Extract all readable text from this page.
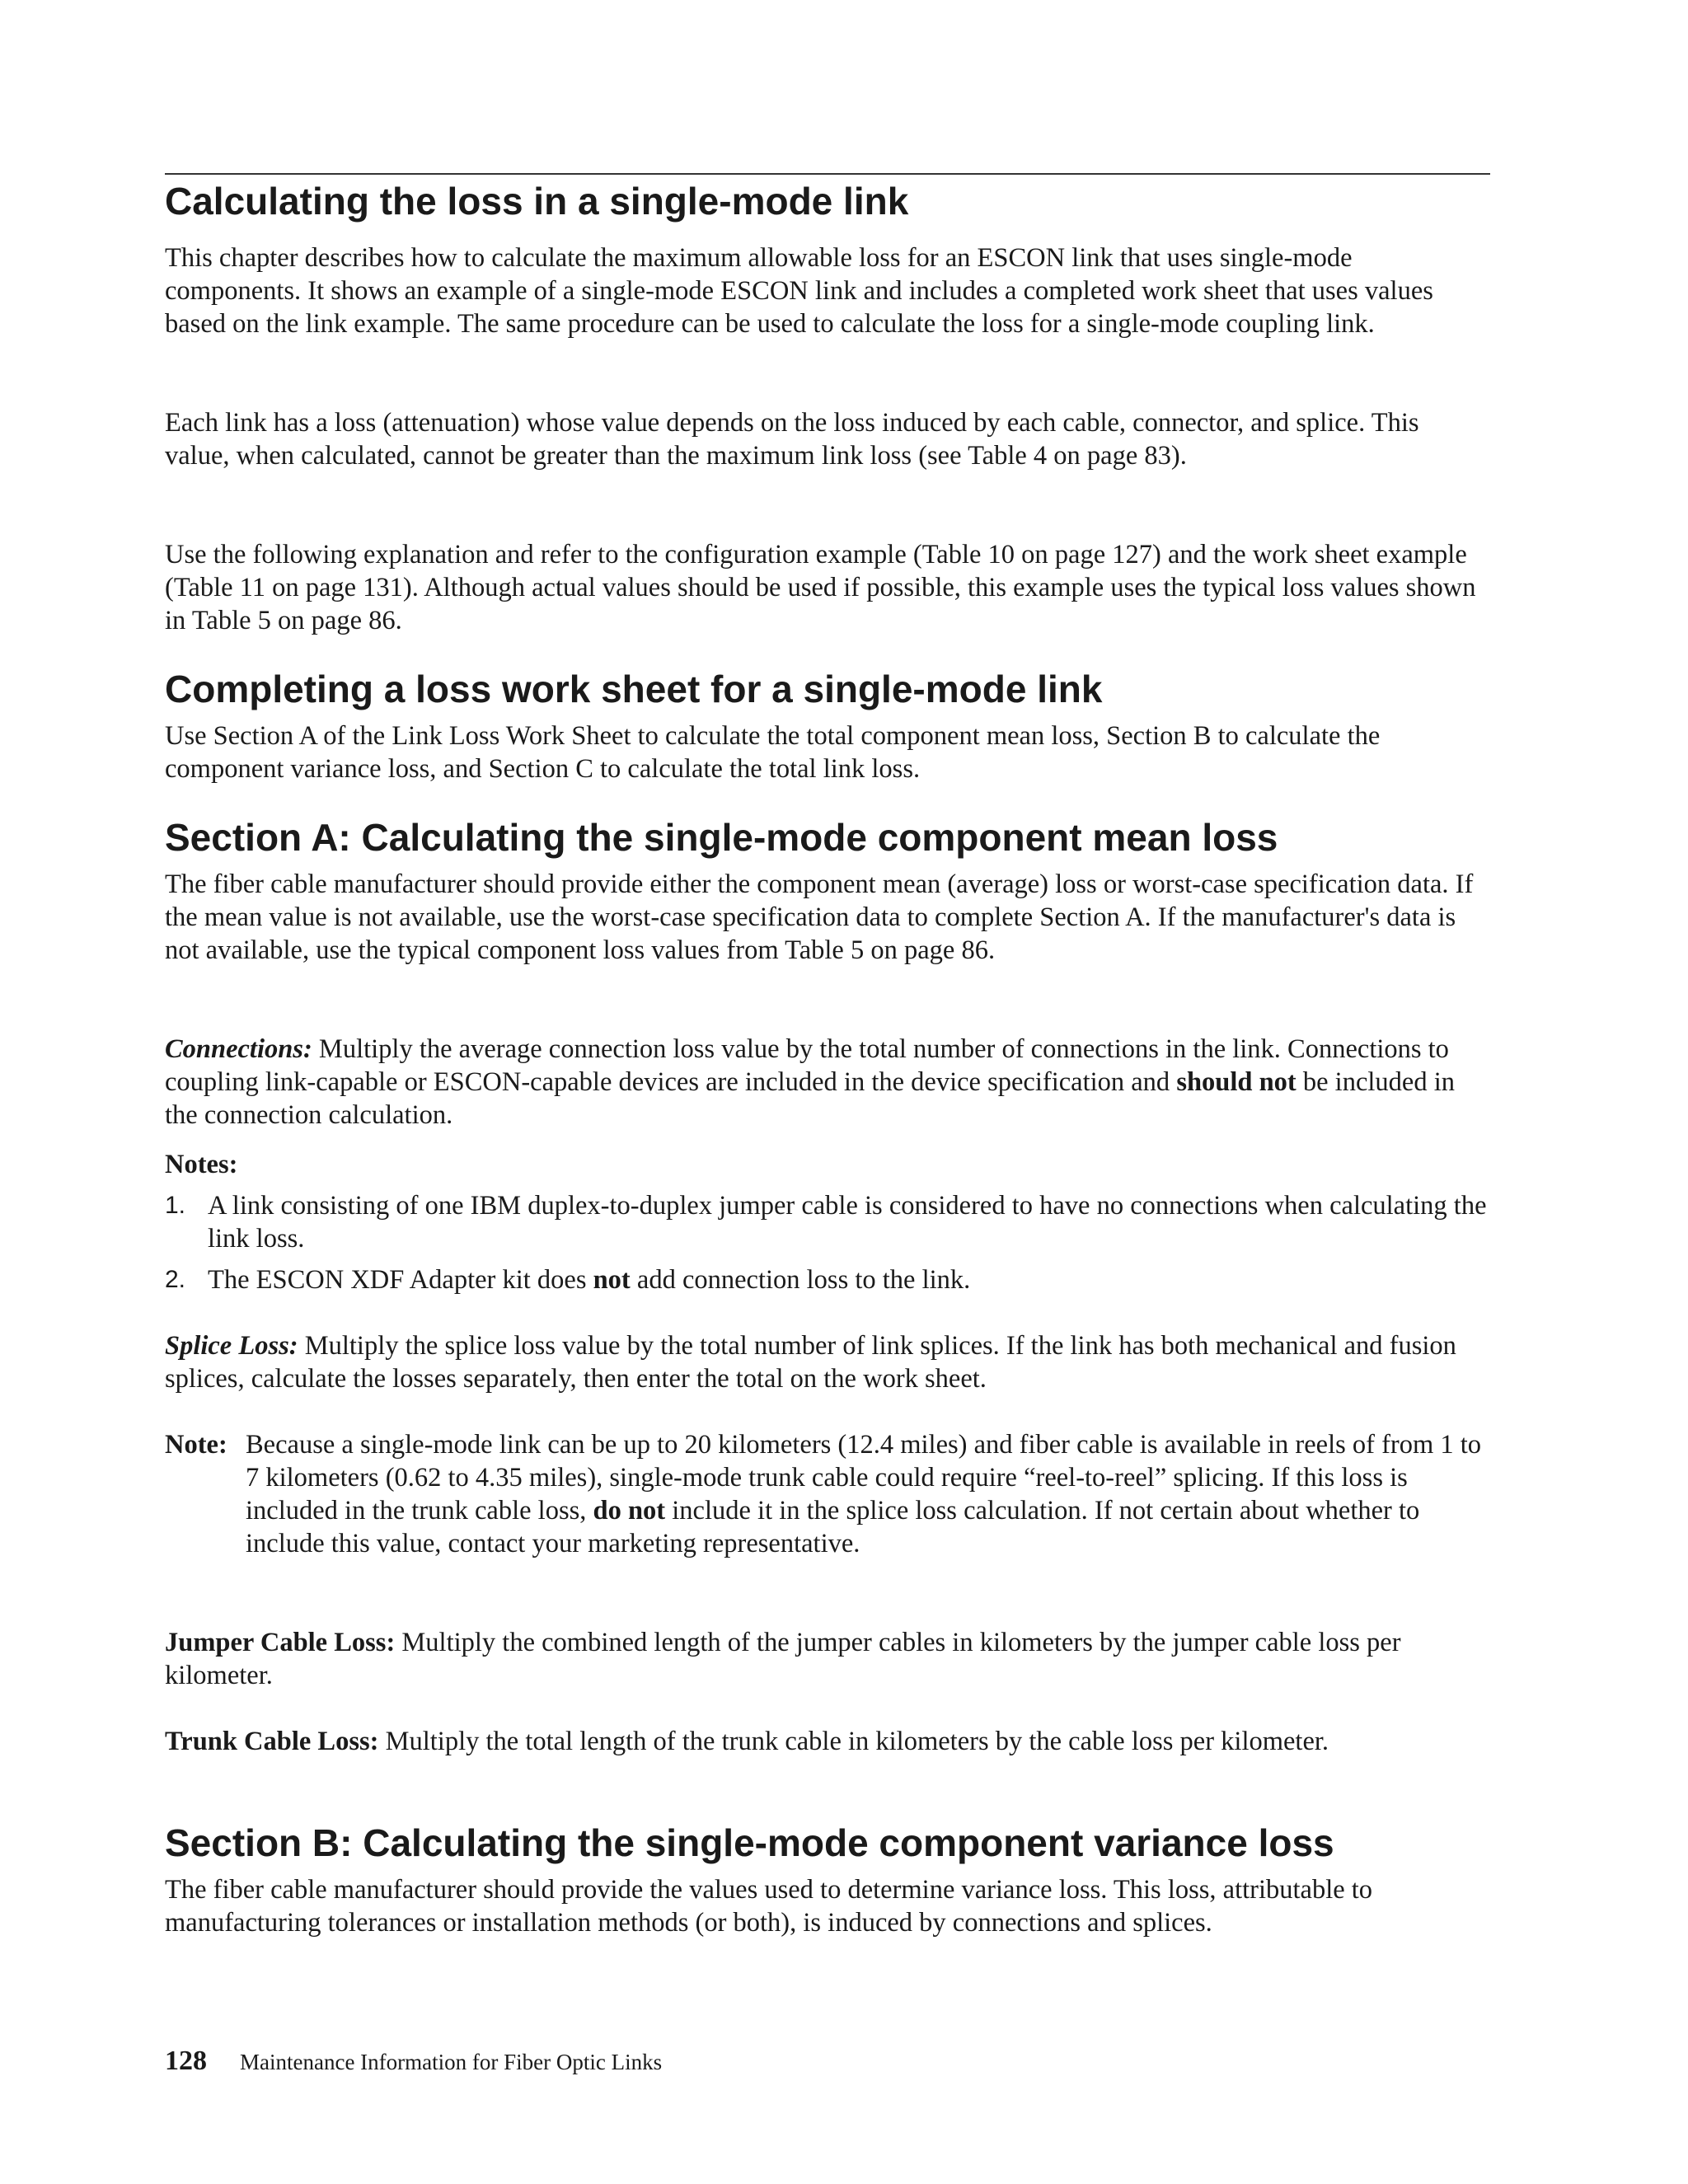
Calculating the loss in a single-mode link

This chapter describes how to calculate the maximum allowable loss for an ESCON link that uses single-mode components. It shows an example of a single-mode ESCON link and includes a completed work sheet that uses values based on the link example. The same procedure can be used to calculate the loss for a single-mode coupling link.

Each link has a loss (attenuation) whose value depends on the loss induced by each cable, connector, and splice. This value, when calculated, cannot be greater than the maximum link loss (see Table 4 on page 83).

Use the following explanation and refer to the configuration example (Table 10 on page 127) and the work sheet example (Table 11 on page 131). Although actual values should be used if possible, this example uses the typical loss values shown in Table 5 on page 86.

Completing a loss work sheet for a single-mode link

Use Section A of the Link Loss Work Sheet to calculate the total component mean loss, Section B to calculate the component variance loss, and Section C to calculate the total link loss.

Section A: Calculating the single-mode component mean loss

The fiber cable manufacturer should provide either the component mean (average) loss or worst-case specification data. If the mean value is not available, use the worst-case specification data to complete Section A. If the manufacturer's data is not available, use the typical component loss values from Table 5 on page 86.

Connections: Multiply the average connection loss value by the total number of connections in the link. Connections to coupling link-capable or ESCON-capable devices are included in the device specification and should not be included in the connection calculation.

Notes:
1. A link consisting of one IBM duplex-to-duplex jumper cable is considered to have no connections when calculating the link loss.
2. The ESCON XDF Adapter kit does not add connection loss to the link.

Splice Loss: Multiply the splice loss value by the total number of link splices. If the link has both mechanical and fusion splices, calculate the losses separately, then enter the total on the work sheet.

Note: Because a single-mode link can be up to 20 kilometers (12.4 miles) and fiber cable is available in reels of from 1 to 7 kilometers (0.62 to 4.35 miles), single-mode trunk cable could require “reel-to-reel” splicing. If this loss is included in the trunk cable loss, do not include it in the splice loss calculation. If not certain about whether to include this value, contact your marketing representative.

Jumper Cable Loss: Multiply the combined length of the jumper cables in kilometers by the jumper cable loss per kilometer.

Trunk Cable Loss: Multiply the total length of the trunk cable in kilometers by the cable loss per kilometer.

Section B: Calculating the single-mode component variance loss

The fiber cable manufacturer should provide the values used to determine variance loss. This loss, attributable to manufacturing tolerances or installation methods (or both), is induced by connections and splices.

128 Maintenance Information for Fiber Optic Links
